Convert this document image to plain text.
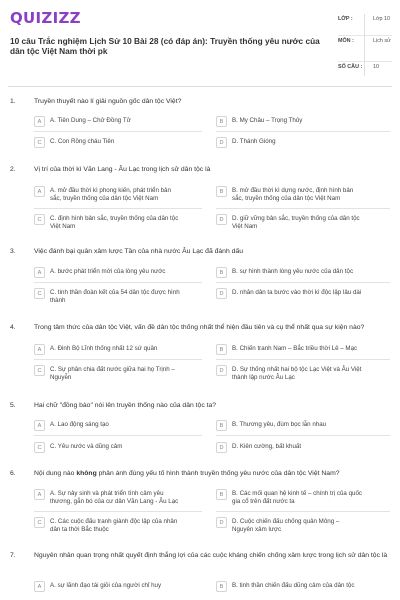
QUIZIZZ
10 câu Trắc nghiệm Lịch Sử 10 Bài 28 (có đáp án): Truyền thống yêu nước của dân tộc Việt Nam thời pk
LỚP :	Lớp 10
MÔN :	Lịch sử
SỐ CÂU :	10
1.	Truyền thuyết nào lí giải nguồn gốc dân tộc Việt?
A	A. Tiên Dung – Chử Đồng Tử	B	B. My Châu – Trọng Thủy
C	C. Con Rồng cháu Tiên	D	D. Thánh Gióng
2.	Vị trí của thời kì Văn Lang - Âu Lạc trong lịch sử dân tộc là
A	A. mở đầu thời kì phong kiến, phát triển bản sắc, truyền thống của dân tộc Việt Nam
B	B. mở đầu thời kì dựng nước, định hình bản sắc, truyền thống của dân tộc Việt Nam
C	C. định hình bản sắc, truyền thống của dân tộc Việt Nam
D	D. giữ vững bản sắc, truyền thống của dân tộc Việt Nam
3.	Việc đánh bại quân xâm lược Tần của nhà nước Âu Lạc đã đánh dấu
A	A. bước phát triển mới của lòng yêu nước	B	B. sự hình thành lòng yêu nước của dân tộc
C	C. tinh thần đoàn kết của 54 dân tộc được hình thành
D	D. nhân dân ta bước vào thời kì độc lập lâu dài
4.	Trong tâm thức của dân tộc Việt, vấn đề dân tộc thống nhất thể hiện đầu tiên và cụ thể nhất qua sự kiện nào?
A	A. Đinh Bộ Lĩnh thống nhất 12 sứ quân	B	B. Chiến tranh Nam – Bắc triều thời Lê – Mạc
C	C. Sự phân chia đất nước giữa hai họ Trịnh – Nguyễn
D	D. Sự thống nhất hai bộ tộc Lạc Việt và Âu Việt thành lập nước Âu Lạc
5.	Hai chữ "đồng bào" nói lên truyền thống nào của dân tộc ta?
A	A. Lao động sáng tạo	B	B. Thương yêu, đùm bọc lẫn nhau
C	C. Yêu nước và dũng cảm	D	D. Kiên cường, bất khuất
6.	Nội dung nào không phản ánh đúng yếu tố hình thành truyền thống yêu nước của dân tộc Việt Nam?
A	A. Sự nảy sinh và phát triển tình cảm yêu thương, gắn bó của cư dân Văn Lang - Âu Lạc
B	B. Các mối quan hệ kinh tế – chính trị của quốc gia cổ trên đất nước ta
C	C. Các cuộc đấu tranh giành độc lập của nhân dân ta thời Bắc thuộc
D	D. Cuộc chiến đấu chống quân Mông – Nguyên xâm lược
7.	Nguyên nhân quan trọng nhất quyết định thắng lợi của các cuộc kháng chiến chống xâm lược trong lịch sử dân tộc là
A	A. sự lãnh đạo tài giỏi của người chỉ huy	B	B. tinh thần chiến đấu dũng cảm của dân tộc
